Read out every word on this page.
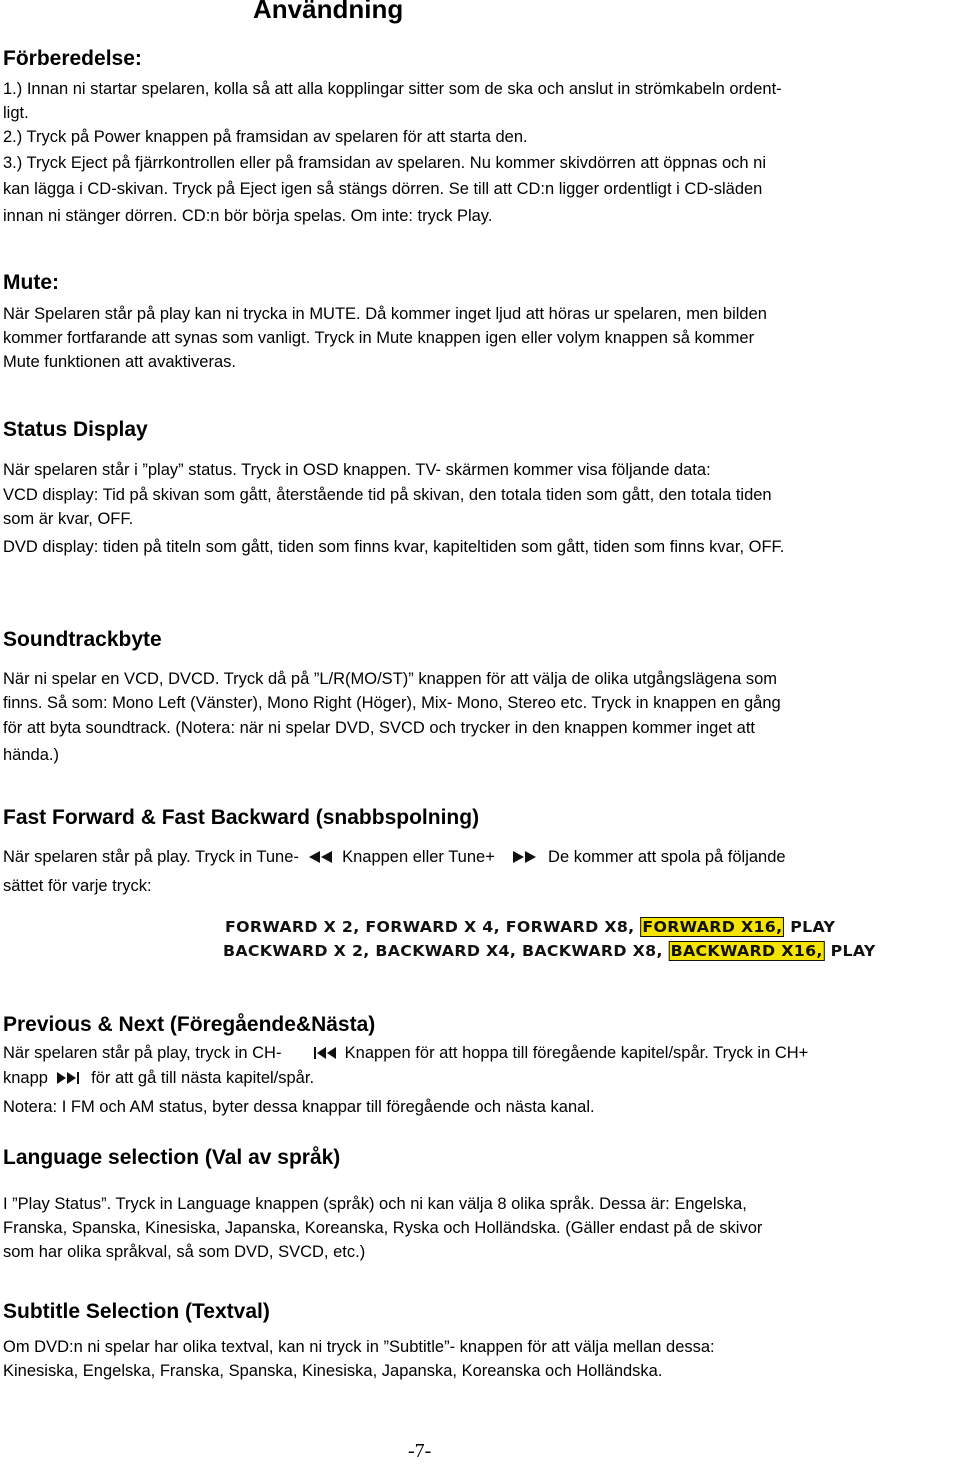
Användning
Förberedelse:
1.) Innan ni startar spelaren, kolla så att alla kopplingar sitter som de ska och anslut in strömkabeln ordent-
ligt.
2.) Tryck på Power knappen på framsidan av spelaren för att starta den.
3.) Tryck Eject på fjärrkontrollen eller på framsidan av spelaren. Nu kommer skivdörren att öppnas och ni
kan lägga i CD-skivan. Tryck på Eject igen så stängs dörren. Se till att CD:n ligger ordentligt i CD-släden
innan ni stänger dörren. CD:n bör börja spelas. Om inte: tryck Play.
Mute:
När Spelaren står på play kan ni trycka in MUTE. Då kommer inget ljud att höras ur spelaren, men bilden
kommer fortfarande att synas som vanligt. Tryck in Mute knappen igen eller volym knappen så kommer
Mute funktionen att avaktiveras.
Status Display
När spelaren står i ”play” status. Tryck in OSD knappen. TV- skärmen kommer visa följande data:
VCD display: Tid på skivan som gått, återstående tid på skivan, den totala tiden som gått, den totala tiden
som är kvar, OFF.
DVD display: tiden på titeln som gått, tiden som finns kvar, kapiteltiden som gått, tiden som finns kvar, OFF.
Soundtrackbyte
När ni spelar en VCD, DVCD. Tryck då på ”L/R(MO/ST)” knappen för att välja de olika utgångslägena som
finns. Så som: Mono Left (Vänster), Mono Right (Höger), Mix- Mono, Stereo etc. Tryck in knappen en gång
för att byta soundtrack. (Notera: när ni spelar DVD, SVCD och trycker in den knappen kommer inget att
hända.)
Fast Forward & Fast Backward (snabbspolning)
När spelaren står på play. Tryck in Tune-	Knappen eller Tune+	De kommer att spola på följande
sättet för varje tryck:
FORWARD X 2, FORWARD X 4, FORWARD X8, FORWARD X16, PLAY
BACKWARD X 2, BACKWARD X4, BACKWARD X8, BACKWARD X16, PLAY
Previous & Next (Föregående&Nästa)
När spelaren står på play, tryck in CH-	Knappen för att hoppa till föregående kapitel/spår. Tryck in CH+
knapp	för att gå till nästa kapitel/spår.
Notera: I FM och AM status, byter dessa knappar till föregående och nästa kanal.
Language selection (Val av språk)
I ”Play Status”. Tryck in Language knappen (språk) och ni kan välja 8 olika språk. Dessa är: Engelska,
Franska, Spanska, Kinesiska, Japanska, Koreanska, Ryska och Holländska. (Gäller endast på de skivor
som har olika språkval, så som DVD, SVCD, etc.)
Subtitle Selection (Textval)
Om DVD:n ni spelar har olika textval, kan ni tryck in ”Subtitle”- knappen för att välja mellan dessa:
Kinesiska, Engelska, Franska, Spanska, Kinesiska, Japanska, Koreanska och Holländska.
-7-
